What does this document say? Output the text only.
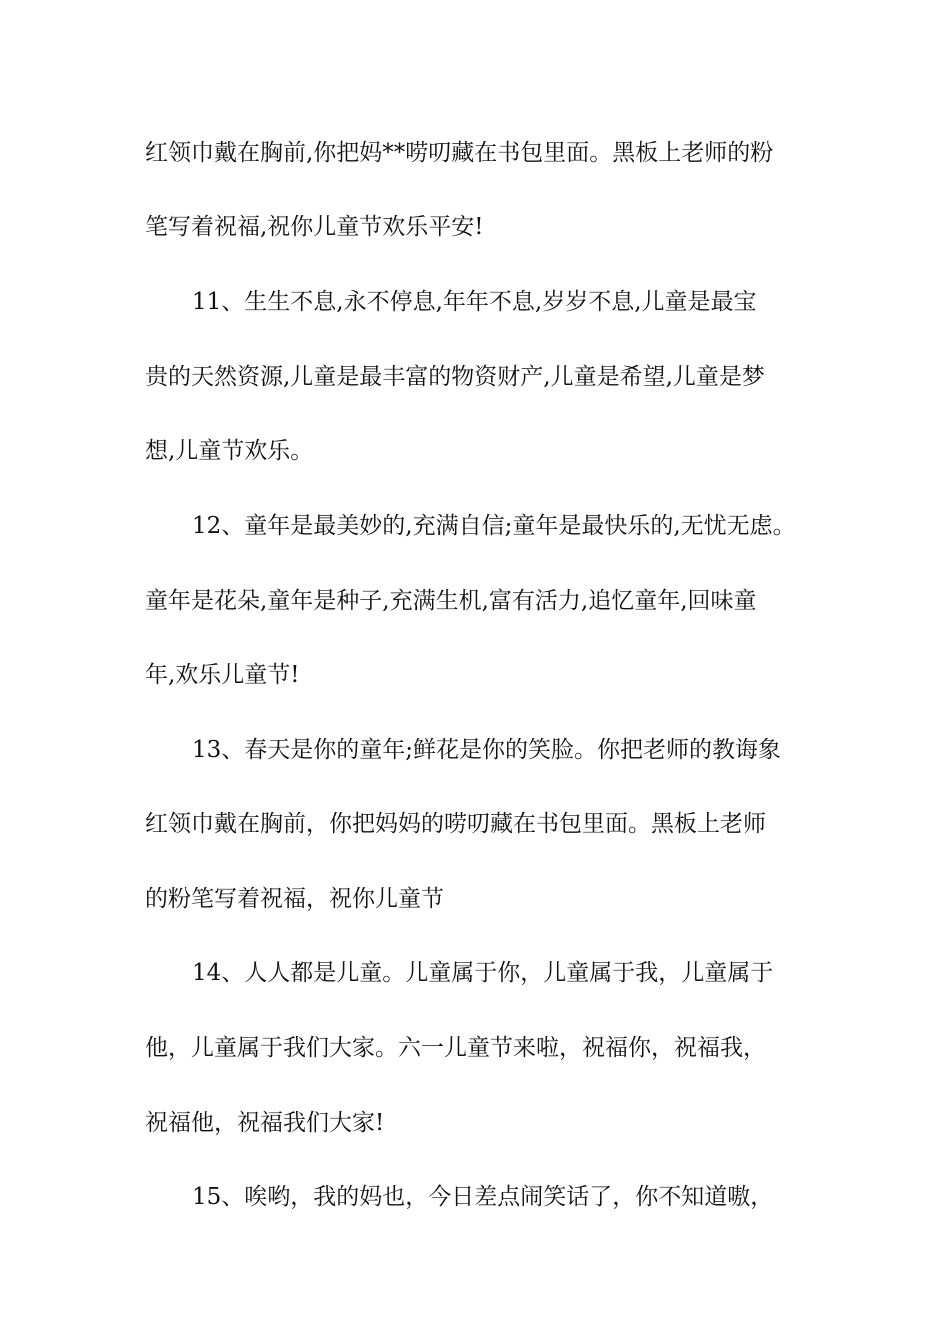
红领巾戴在胸前,你把妈**唠叨藏在书包里面。黑板上老师的粉
笔写着祝福,祝你儿童节欢乐平安!
11、生生不息,永不停息,年年不息,岁岁不息,儿童是最宝
贵的天然资源,儿童是最丰富的物资财产,儿童是希望,儿童是梦
想,儿童节欢乐。
12、童年是最美妙的,充满自信;童年是最快乐的,无忧无虑。
童年是花朵,童年是种子,充满生机,富有活力,追忆童年,回味童
年,欢乐儿童节!
13、春天是你的童年;鲜花是你的笑脸。你把老师的教诲象
红领巾戴在胸前，你把妈妈的唠叨藏在书包里面。黑板上老师
的粉笔写着祝福，祝你儿童节
14、人人都是儿童。儿童属于你，儿童属于我，儿童属于
他，儿童属于我们大家。六一儿童节来啦，祝福你，祝福我，
祝福他，祝福我们大家!
15、唉哟，我的妈也，今日差点闹笑话了，你不知道嗷，
